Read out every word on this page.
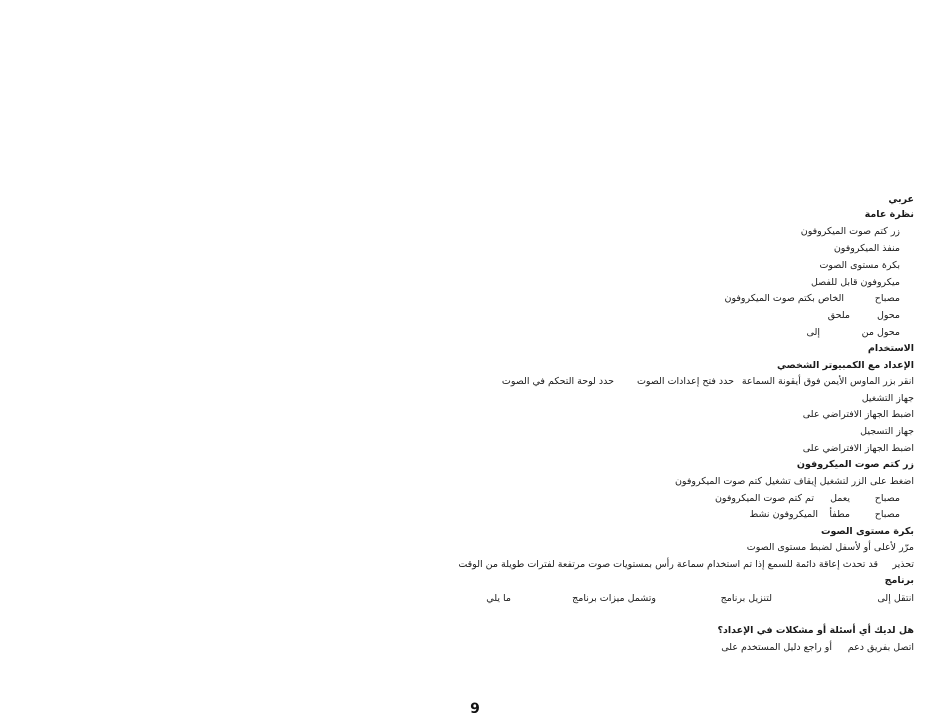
عربي
نظرة عامة
زر كتم صوت الميكروفون
منفذ الميكروفون
بكرة مستوى الصوت
ميكروفون قابل للفصل
مصباح
الخاص بكتم صوت الميكروفون
محول
ملحق
محول من
إلى
الاستخدام
الإعداد مع الكمبيوتر الشخصي
انقر بزر الماوس الأيمن فوق أيقونة السماعة
حدد فتح إعدادات الصوت
حدد لوحة التحكم في الصوت
جهاز التشغيل
اضبط الجهاز الافتراضي على
جهاز التسجيل
اضبط الجهاز الافتراضي على
زر كتم صوت الميكروفون
اضغط على الزر لتشغيل إيقاف تشغيل كتم صوت الميكروفون
مصباح
يعمل
تم كتم صوت الميكروفون
مصباح
مطفأ
الميكروفون نشط
بكرة مستوى الصوت
مرّر لأعلى أو لأسفل لضبط مستوى الصوت
تحذير
قد تحدث إعاقة دائمة للسمع إذا تم استخدام سماعة رأس بمستويات صوت مرتفعة لفترات طويلة من الوقت
برنامج
انتقل إلى
لتنزيل برنامج
وتشمل ميزات برنامج
ما يلي
هل لديك أي أسئلة أو مشكلات في الإعداد؟
اتصل بفريق دعم
أو راجع دليل المستخدم على
9
